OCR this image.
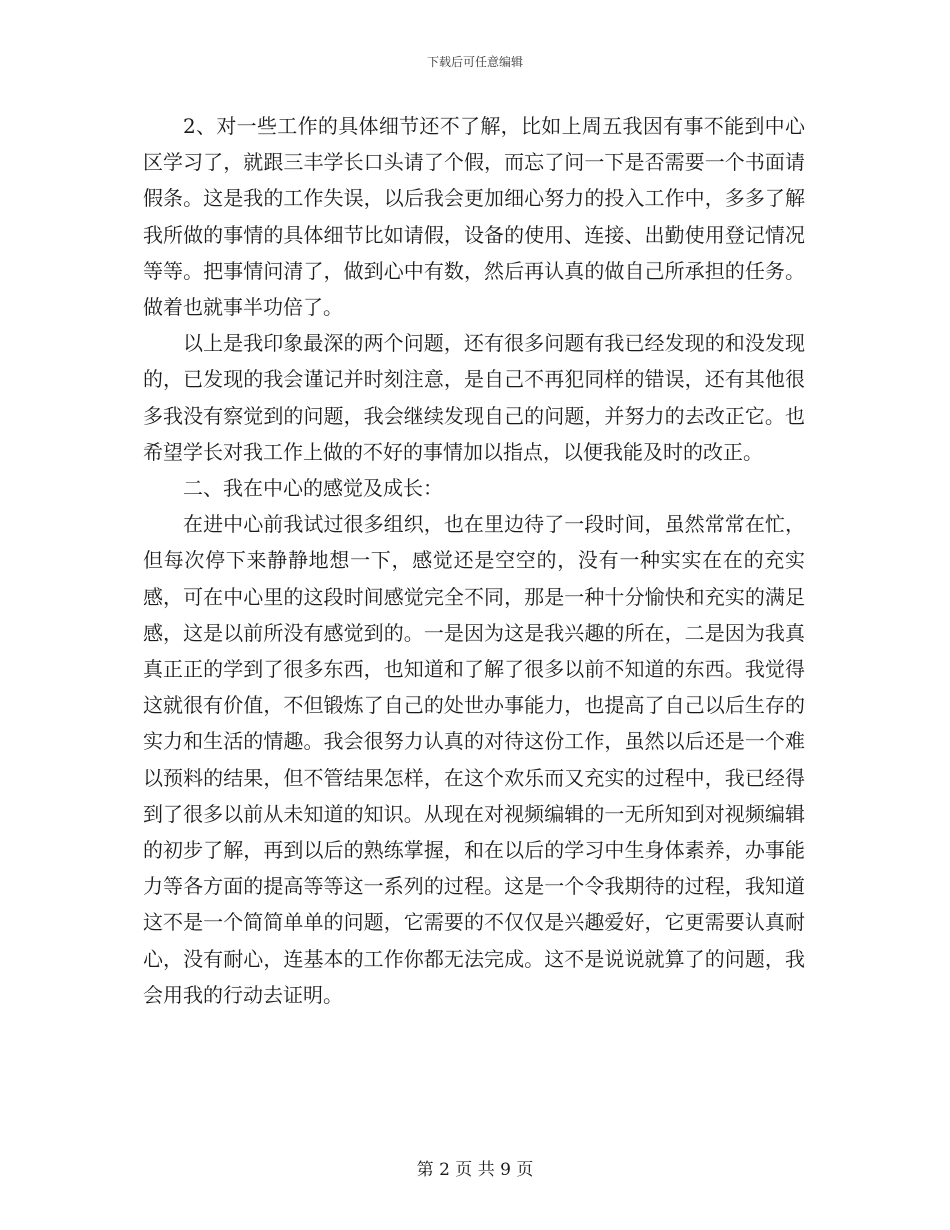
下载后可任意编辑

2、对一些工作的具体细节还不了解，比如上周五我因有事不能到中心区学习了，就跟三丰学长口头请了个假，而忘了问一下是否需要一个书面请假条。这是我的工作失误，以后我会更加细心努力的投入工作中，多多了解我所做的事情的具体细节比如请假，设备的使用、连接、出勤使用登记情况等等。把事情问清了，做到心中有数，然后再认真的做自己所承担的任务。做着也就事半功倍了。

以上是我印象最深的两个问题，还有很多问题有我已经发现的和没发现的，已发现的我会谨记并时刻注意，是自己不再犯同样的错误，还有其他很多我没有察觉到的问题，我会继续发现自己的问题，并努力的去改正它。也希望学长对我工作上做的不好的事情加以指点，以便我能及时的改正。

二、我在中心的感觉及成长：

在进中心前我试过很多组织，也在里边待了一段时间，虽然常常在忙，但每次停下来静静地想一下，感觉还是空空的，没有一种实实在在的充实感，可在中心里的这段时间感觉完全不同，那是一种十分愉快和充实的满足感，这是以前所没有感觉到的。一是因为这是我兴趣的所在，二是因为我真真正正的学到了很多东西，也知道和了解了很多以前不知道的东西。我觉得这就很有价值，不但锻炼了自己的处世办事能力，也提高了自己以后生存的实力和生活的情趣。我会很努力认真的对待这份工作，虽然以后还是一个难以预料的结果，但不管结果怎样，在这个欢乐而又充实的过程中，我已经得到了很多以前从未知道的知识。从现在对视频编辑的一无所知到对视频编辑的初步了解，再到以后的熟练掌握，和在以后的学习中生身体素养，办事能力等各方面的提高等等这一系列的过程。这是一个令我期待的过程，我知道这不是一个简简单单的问题，它需要的不仅仅是兴趣爱好，它更需要认真耐心，没有耐心，连基本的工作你都无法完成。这不是说说就算了的问题，我会用我的行动去证明。

第 2 页 共 9 页
